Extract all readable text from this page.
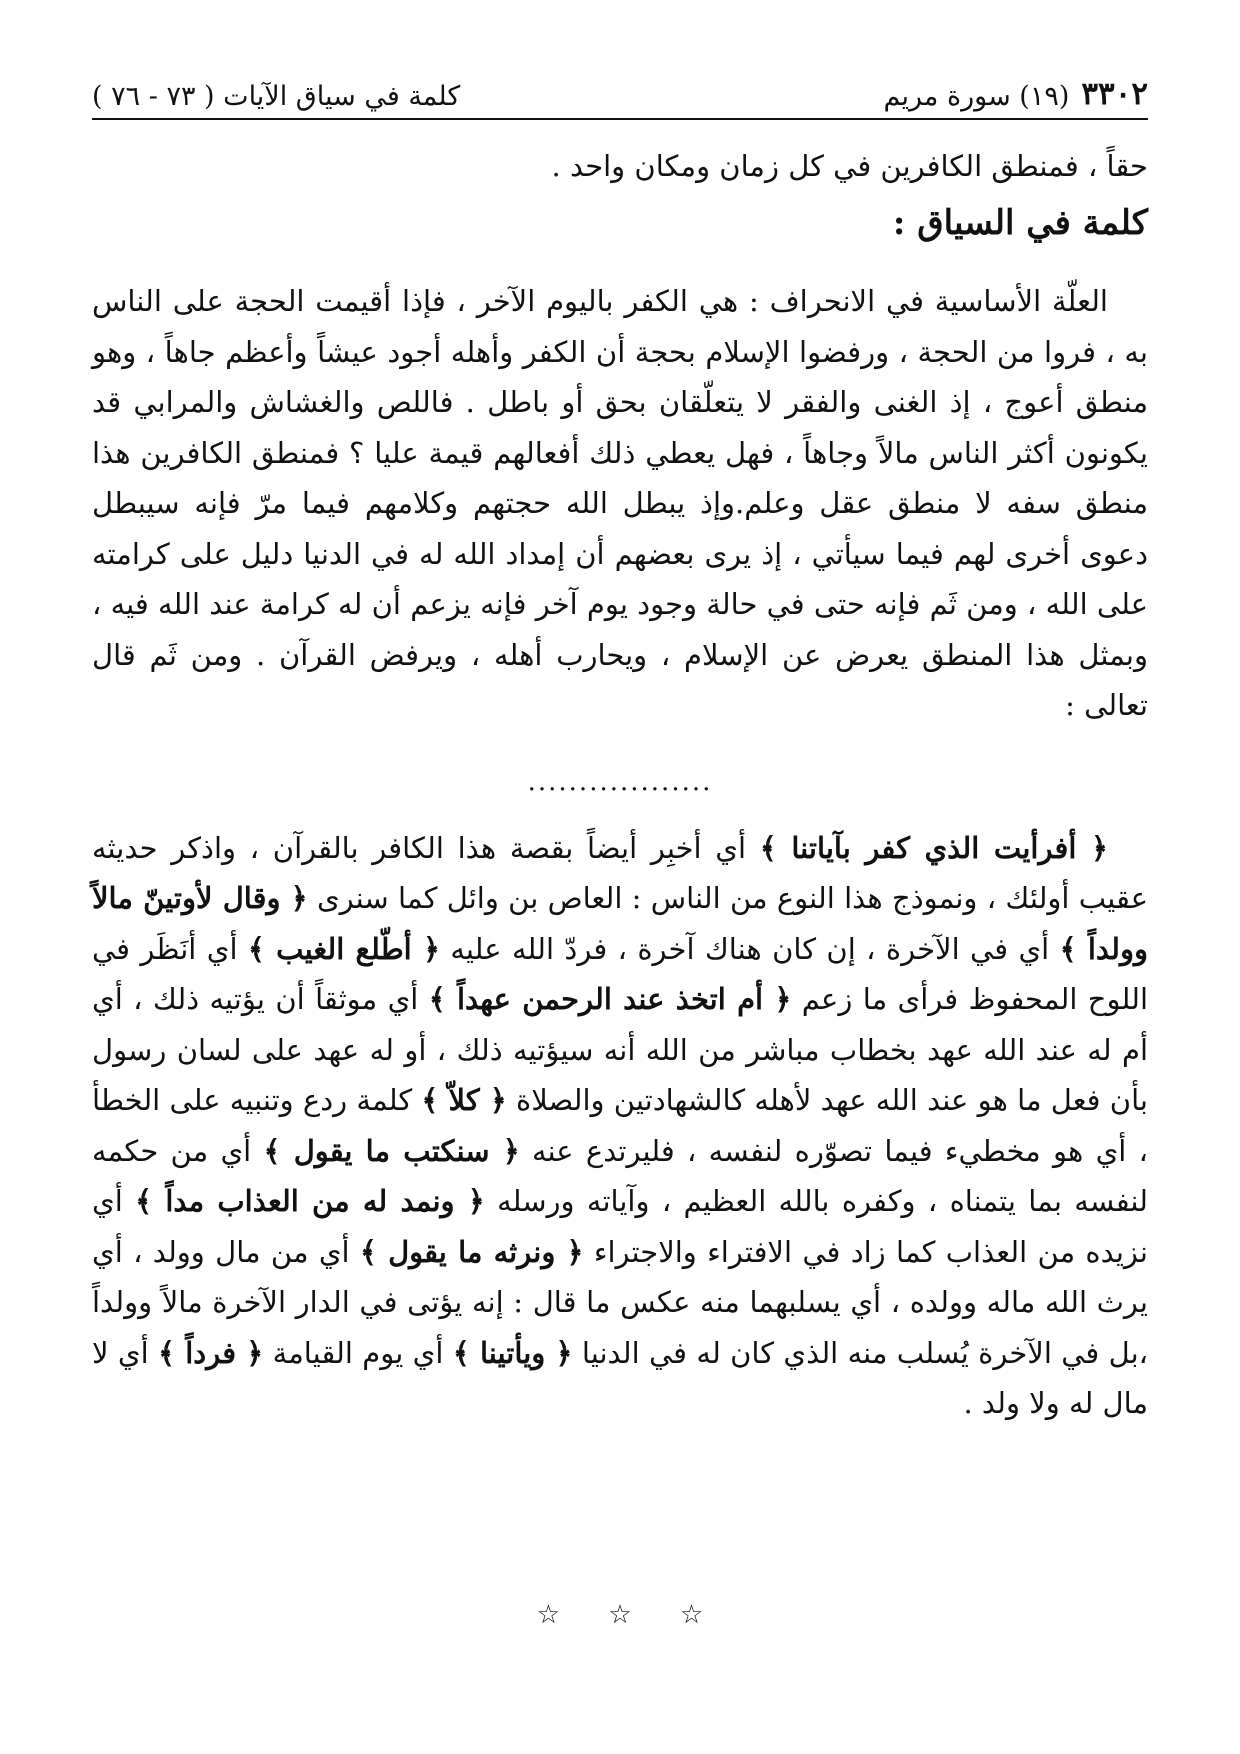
٣٣٠٢
(١٩) سورة مريم
كلمة في سياق الآيات ( ٧٣ - ٧٦ )

حقاً ، فمنطق الكافرين في كل زمان ومكان واحد .

كلمة في السياق :

العلّة الأساسية في الانحراف : هي الكفر باليوم الآخر ، فإذا أقيمت الحجة على الناس به ، فروا من الحجة ، ورفضوا الإسلام بحجة أن الكفر وأهله أجود عيشاً وأعظم جاهاً ، وهو منطق أعوج ، إذ الغنى والفقر لا يتعلّقان بحق أو باطل . فاللص والغشاش والمرابي قد يكونون أكثر الناس مالاً وجاهاً ، فهل يعطي ذلك أفعالهم قيمة عليا ؟ فمنطق الكافرين هذا منطق سفه لا منطق عقل وعلم.وإذ يبطل الله حجتهم وكلامهم فيما مرّ فإنه سيبطل دعوى أخرى لهم فيما سيأتي ، إذ يرى بعضهم أن إمداد الله له في الدنيا دليل على كرامته على الله ، ومن ثَم فإنه حتى في حالة وجود يوم آخر فإنه يزعم أن له كرامة عند الله فيه ، وبمثل هذا المنطق يعرض عن الإسلام ، ويحارب أهله ، ويرفض القرآن . ومن ثَم قال تعالى :

..................

﴿ أفرأيت الذي كفر بآياتنا ﴾ أي أخبِر أيضاً بقصة هذا الكافر بالقرآن ، واذكر حديثه عقيب أولئك ، ونموذج هذا النوع من الناس : العاص بن وائل كما سنرى ﴿ وقال لأوتينّ مالاً وولداً ﴾ أي في الآخرة ، إن كان هناك آخرة ، فردّ الله عليه ﴿ أطّلع الغيب ﴾ أي أنَظَر في اللوح المحفوظ فرأى ما زعم ﴿ أم اتخذ عند الرحمن عهداً ﴾ أي موثقاً أن يؤتيه ذلك ، أي أم له عند الله عهد بخطاب مباشر من الله أنه سيؤتيه ذلك ، أو له عهد على لسان رسول بأن فعل ما هو عند الله عهد لأهله كالشهادتين والصلاة ﴿ كلاّ ﴾ كلمة ردع وتنبيه على الخطأ ، أي هو مخطيء فيما تصوّره لنفسه ، فليرتدع عنه ﴿ سنكتب ما يقول ﴾ أي من حكمه لنفسه بما يتمناه ، وكفره بالله العظيم ، وآياته ورسله ﴿ ونمد له من العذاب مداً ﴾ أي نزيده من العذاب كما زاد في الافتراء والاجتراء ﴿ ونرثه ما يقول ﴾ أي من مال وولد ، أي يرث الله ماله وولده ، أي يسلبهما منه عكس ما قال : إنه يؤتى في الدار الآخرة مالاً وولداً ،بل في الآخرة يُسلب منه الذي كان له في الدنيا ﴿ ويأتينا ﴾ أي يوم القيامة ﴿ فرداً ﴾ أي لا مال له ولا ولد .

☆ ☆ ☆
